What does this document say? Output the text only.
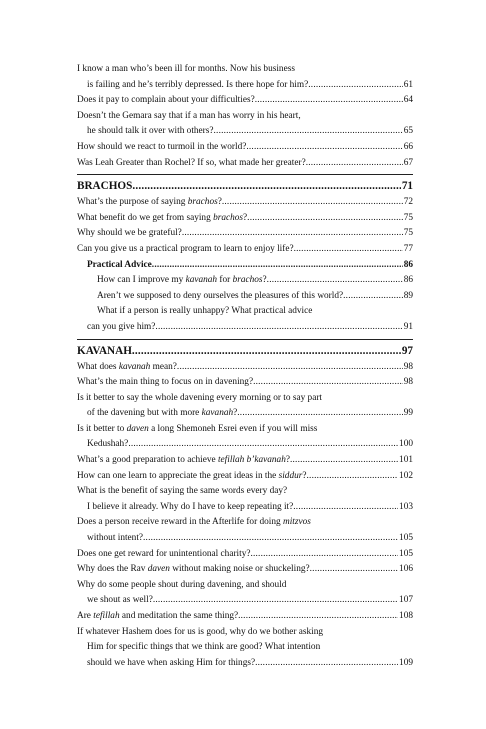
I know a man who’s been ill for months. Now his business
is failing and he’s terribly depressed. Is there hope for him? .....	61
Does it pay to complain about your difficulties? .....	64
Doesn’t the Gemara say that if a man has worry in his heart,
he should talk it over with others? .....	65
How should we react to turmoil in the world? .....	66
Was Leah Greater than Rochel? If so, what made her greater? .....	67
BRACHOS .....	71
What’s the purpose of saying brachos? .....	72
What benefit do we get from saying brachos? .....	75
Why should we be grateful? .....	75
Can you give us a practical program to learn to enjoy life? .....	77
Practical Advice .....	86
How can I improve my kavanah for brachos? .....	86
Aren’t we supposed to deny ourselves the pleasures of this world? .....	89
What if a person is really unhappy? What practical advice
can you give him? .....	91
KAVANAH .....	97
What does kavanah mean? .....	98
What’s the main thing to focus on in davening? .....	98
Is it better to say the whole davening every morning or to say part
of the davening but with more kavanah? .....	99
Is it better to daven a long Shemoneh Esrei even if you will miss
Kedushah? .....	100
What’s a good preparation to achieve tefillah b’kavanah? .....	101
How can one learn to appreciate the great ideas in the siddur? .....	102
What is the benefit of saying the same words every day?
I believe it already. Why do I have to keep repeating it? .....	103
Does a person receive reward in the Afterlife for doing mitzvos
without intent? .....	105
Does one get reward for unintentional charity? .....	105
Why does the Rav daven without making noise or shuckeling? .....	106
Why do some people shout during davening, and should
we shout as well? .....	107
Are tefillah and meditation the same thing? .....	108
If whatever Hashem does for us is good, why do we bother asking
Him for specific things that we think are good? What intention
should we have when asking Him for things? .....	109
